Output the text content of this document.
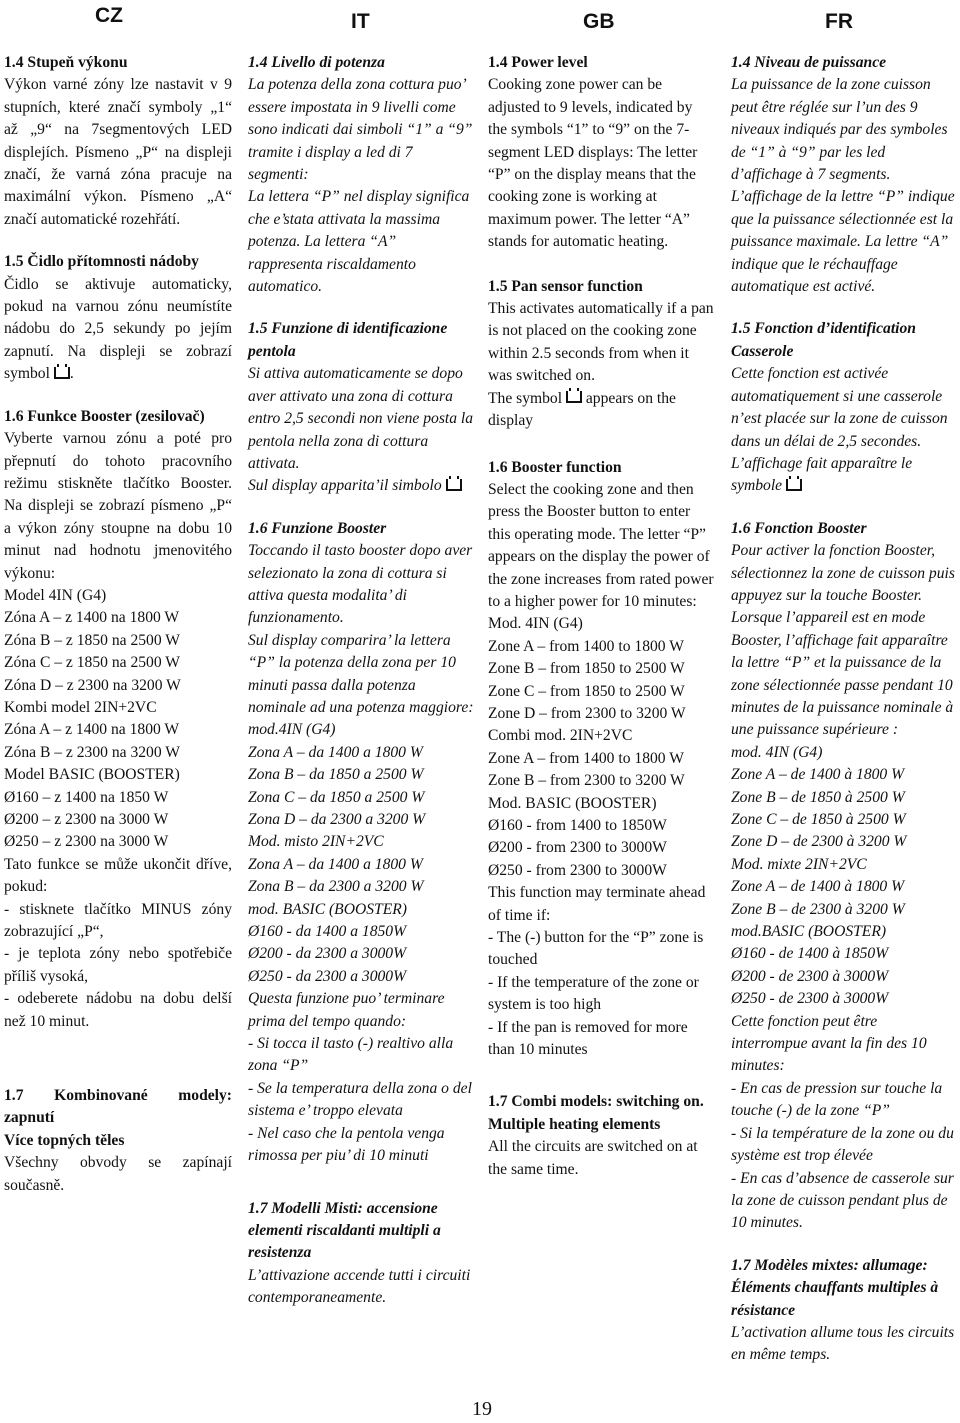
CZ	IT	GB	FR
1.4 Stupeň výkonu

Výkon varné zóny lze nastavit v 9 stupních, které značí symboly „1“ až „9“ na 7segmentových LED displejích. Písmeno „P“ na displeji značí, že varná zóna pracuje na maximální výkon. Písmeno „A“ značí automatické rozehřátí.

1.5 Čidlo přítomnosti nádoby

Čidlo se aktivuje automaticky, pokud na varnou zónu neumístíte nádobu do 2,5 sekundy po jejím zapnutí. Na displeji se zobrazí symbol .

1.6 Funkce Booster (zesilovač)

Vyberte varnou zónu a poté pro přepnutí do tohoto pracovního režimu stiskněte tlačítko Booster. Na displeji se zobrazí písmeno „P“ a výkon zóny stoupne na dobu 10 minut nad hodnotu jmenovitého výkonu:

Model 4IN (G4)
Zóna A – z 1400 na 1800 W
Zóna B – z 1850 na 2500 W
Zóna C – z 1850 na 2500 W
Zóna D – z 2300 na 3200 W
Kombi model 2IN+2VC
Zóna A – z 1400 na 1800 W
Zóna B – z 2300 na 3200 W
Model BASIC (BOOSTER)
Ø160 – z 1400 na 1850 W
Ø200 – z 2300 na 3000 W
Ø250 – z 2300 na 3000 W

Tato funkce se může ukončit dříve, pokud:

- stisknete tlačítko MINUS zóny zobrazující „P“,

- je teplota zóny nebo spotřebiče příliš vysoká,

- odeberete nádobu na dobu delší než 10 minut.

1.7 Kombinované modely: zapnutí
Více topných těles

Všechny obvody se zapínají současně.

1.4 Livello di potenza

La potenza della zona cottura puo’ essere impostata in 9 livelli come sono indicati dai simboli “1” a “9” tramite i display a led di 7 segmenti:

La lettera “P” nel display significa che e’stata attivata la massima potenza. La lettera “A” rappresenta riscaldamento automatico.

1.5 Funzione di identificazione pentola

Si attiva automaticamente se dopo aver attivato una zona di cottura entro 2,5 secondi non viene posta la pentola nella zona di cottura attivata.

Sul display apparita’il simbolo

1.6 Funzione Booster

Toccando il tasto booster dopo aver selezionato la zona di cottura si attiva questa modalita’ di funzionamento.

Sul display comparira’ la lettera “P” la potenza della zona per 10 minuti passa dalla potenza nominale ad una potenza maggiore:

mod.4IN (G4)
Zona A – da 1400 a 1800 W
Zona B – da 1850 a 2500 W
Zona C – da 1850 a 2500 W
Zona D – da 2300 a 3200 W
Mod. misto 2IN+2VC
Zona A – da 1400 a 1800 W
Zona B – da 2300 a 3200 W
mod. BASIC (BOOSTER)
Ø160 - da 1400 a 1850W
Ø200 - da 2300 a 3000W
Ø250 - da 2300 a 3000W

Questa funzione puo’ terminare prima del tempo quando:

- Si tocca il tasto (-) realtivo alla zona “P”

- Se la temperatura della zona o del sistema e’ troppo elevata

- Nel caso che la pentola venga rimossa per piu’ di 10 minuti

1.7 Modelli Misti: accensione elementi riscaldanti multipli a resistenza

L’attivazione accende tutti i circuiti contemporaneamente.

1.4 Power level

Cooking zone power can be adjusted to 9 levels, indicated by the symbols “1” to “9” on the 7-segment LED displays: The letter “P” on the display means that the cooking zone is working at maximum power. The letter “A” stands for automatic heating.

1.5 Pan sensor function

This activates automatically if a pan is not placed on the cooking zone within 2.5 seconds from when it was switched on.

The symbol appears on the display

1.6 Booster function

Select the cooking zone and then press the Booster button to enter this operating mode. The letter “P” appears on the display the power of the zone increases from rated power to a higher power for 10 minutes:

Mod. 4IN (G4)
Zone A – from 1400 to 1800 W
Zone B – from 1850 to 2500 W
Zone C – from 1850 to 2500 W
Zone D – from 2300 to 3200 W
Combi mod. 2IN+2VC
Zone A – from 1400 to 1800 W
Zone B – from 2300 to 3200 W
Mod. BASIC (BOOSTER)
Ø160 - from 1400 to 1850W
Ø200 - from 2300 to 3000W
Ø250 - from 2300 to 3000W

This function may terminate ahead of time if:

- The (-) button for the “P” zone is touched

- If the temperature of the zone or system is too high

- If the pan is removed for more than 10 minutes

1.7 Combi models: switching on.
Multiple heating elements

All the circuits are switched on at the same time.

1.4 Niveau de puissance

La puissance de la zone cuisson peut être réglée sur l’un des 9 niveaux indiqués par des symboles de “1” à “9” par les led d’affichage à 7 segments.

L’affichage de la lettre “P” indique que la puissance sélectionnée est la puissance maximale. La lettre “A” indique que le réchauffage automatique est activé.

1.5 Fonction d’identification Casserole

Cette fonction est activée automatiquement si une casserole n’est placée sur la zone de cuisson dans un délai de 2,5 secondes.

L’affichage fait apparaître le symbole

1.6 Fonction Booster

Pour activer la fonction Booster, sélectionnez la zone de cuisson puis appuyez sur la touche Booster. Lorsque l’appareil est en mode Booster, l’affichage fait apparaître la lettre “P” et la puissance de la zone sélectionnée passe pendant 10 minutes de la puissance nominale à une puissance supérieure :

mod. 4IN (G4)
Zone A – de 1400 à 1800 W
Zone B – de 1850 à 2500 W
Zone C – de 1850 à 2500 W
Zone D – de 2300 à 3200 W
Mod. mixte 2IN+2VC
Zone A – de 1400 à 1800 W
Zone B – de 2300 à 3200 W
mod.BASIC (BOOSTER)
Ø160 - de 1400 à 1850W
Ø200 - de 2300 à 3000W
Ø250 - de 2300 à 3000W

Cette fonction peut être interrompue avant la fin des 10 minutes:

- En cas de pression sur touche la touche (-) de la zone “P”

- Si la température de la zone ou du système est trop élevée

- En cas d’absence de casserole sur la zone de cuisson pendant plus de 10 minutes.

1.7 Modèles mixtes: allumage: Éléments chauffants multiples à résistance

L’activation allume tous les circuits en même temps.

19
